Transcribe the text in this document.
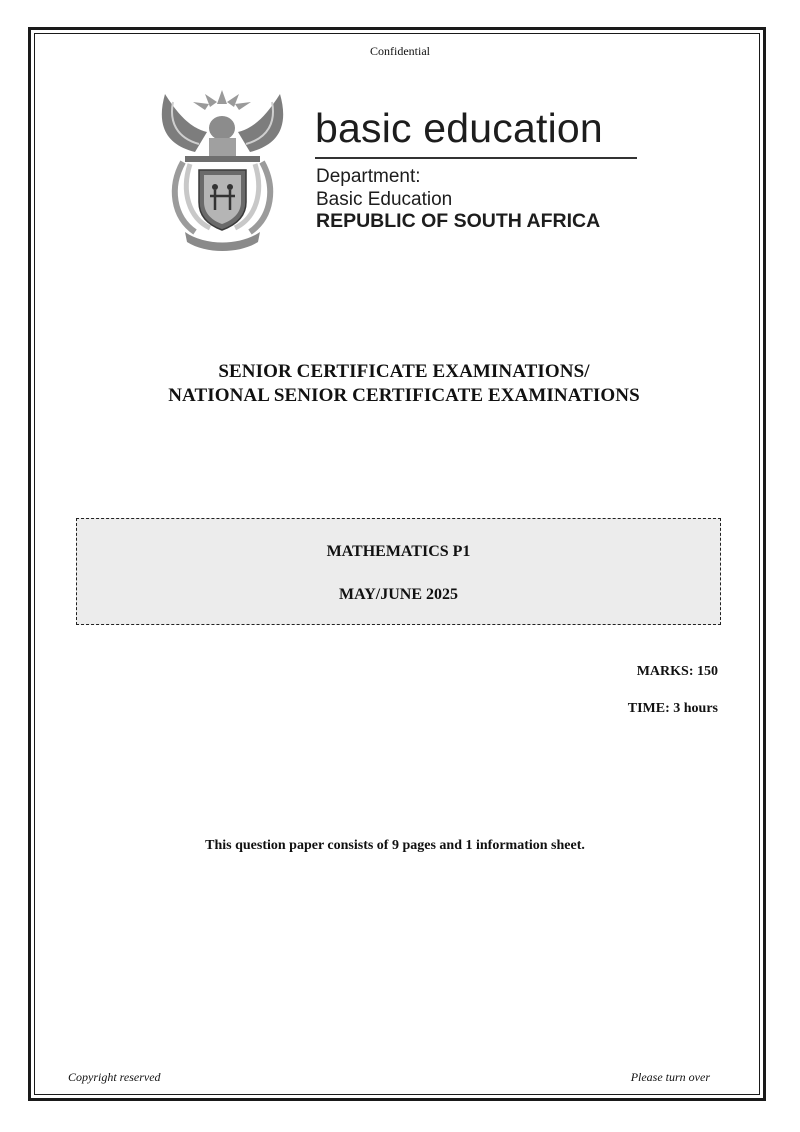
Confidential
basic education
Department:
Basic Education
REPUBLIC OF SOUTH AFRICA
SENIOR CERTIFICATE EXAMINATIONS/
NATIONAL SENIOR CERTIFICATE EXAMINATIONS
MATHEMATICS P1
MAY/JUNE 2025
MARKS: 150
TIME: 3 hours
This question paper consists of 9 pages and 1 information sheet.
Copyright reserved	Please turn over
